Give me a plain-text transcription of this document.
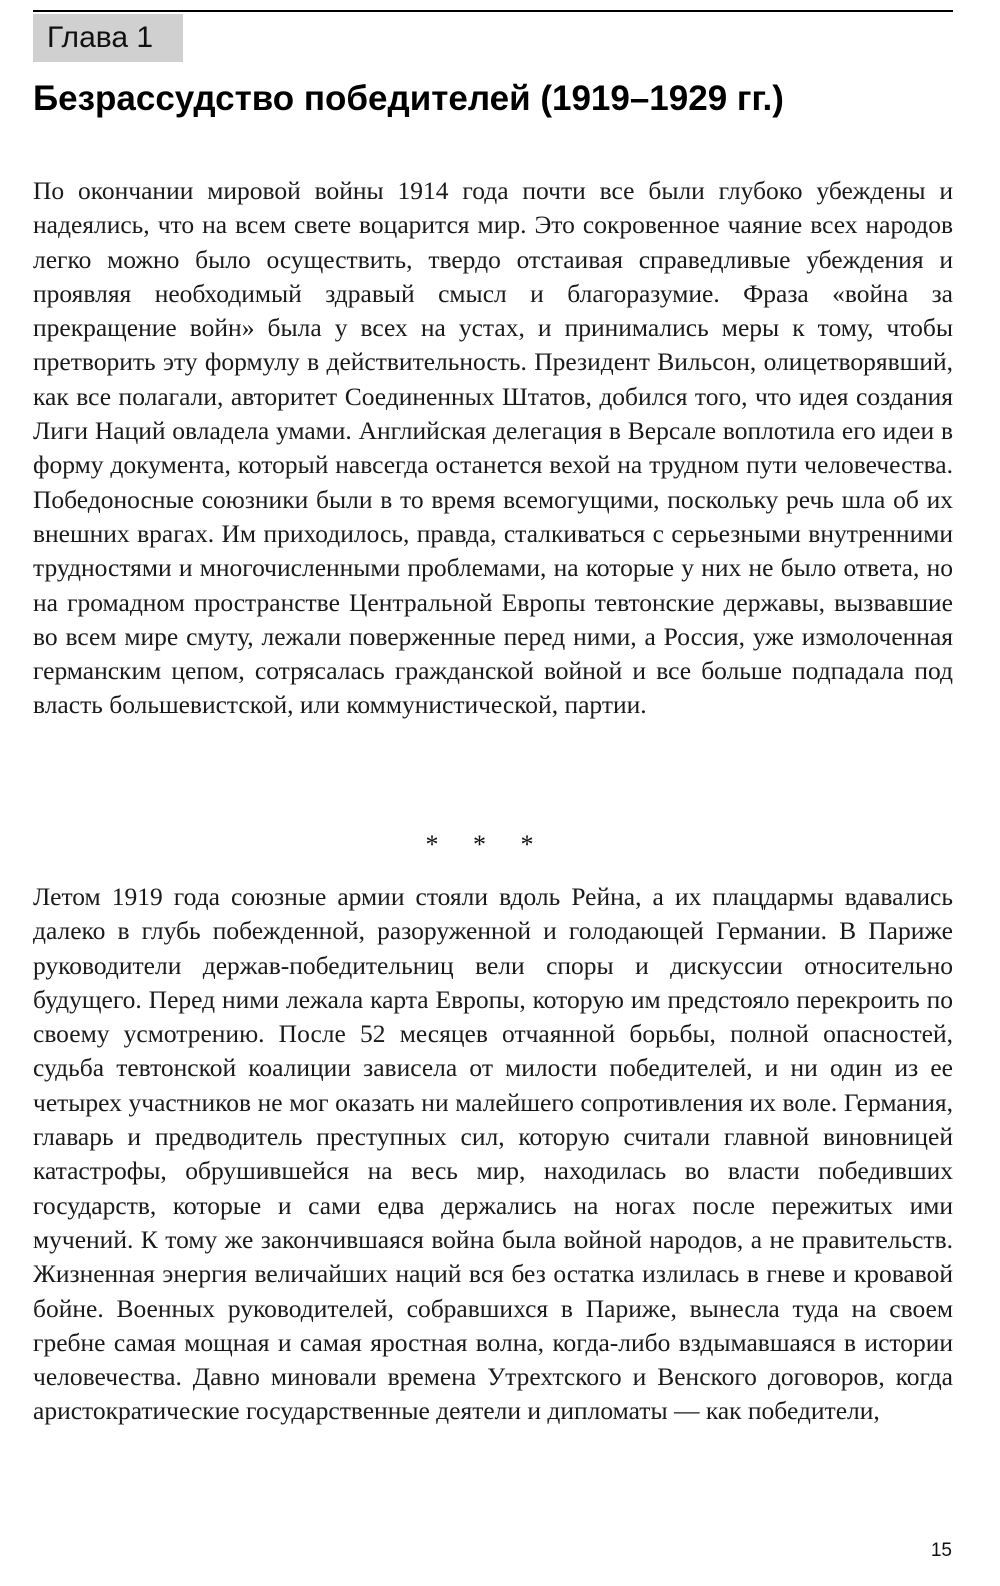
Глава 1
Безрассудство победителей (1919–1929 гг.)

По окончании мировой войны 1914 года почти все были глубоко убеждены и надеялись, что на всем свете воцарится мир. Это сокровенное чаяние всех народов легко можно было осуществить, твердо отстаивая справедливые убеждения и проявляя необходимый здравый смысл и благоразумие. Фраза «война за прекращение войн» была у всех на устах, и принимались меры к тому, чтобы претворить эту формулу в действительность. Президент Вильсон, олицетворявший, как все полагали, авторитет Соединенных Штатов, добился того, что идея создания Лиги Наций овладела умами. Английская делегация в Версале воплотила его идеи в форму документа, который навсегда останется вехой на трудном пути человечества. Победоносные союзники были в то время всемогущими, поскольку речь шла об их внешних врагах. Им приходилось, правда, сталкиваться с серьезными внутренними трудностями и многочисленными проблемами, на которые у них не было ответа, но на громадном пространстве Центральной Европы тевтонские державы, вызвавшие во всем мире смуту, лежали поверженные перед ними, а Россия, уже измолоченная германским цепом, сотрясалась гражданской войной и все больше подпадала под власть большевистской, или коммунистической, партии.

* * *

Летом 1919 года союзные армии стояли вдоль Рейна, а их плацдармы вдавались далеко в глубь побежденной, разоруженной и голодающей Германии. В Париже руководители держав-победительниц вели споры и дискуссии относительно будущего. Перед ними лежала карта Европы, которую им предстояло перекроить по своему усмотрению. После 52 месяцев отчаянной борьбы, полной опасностей, судьба тевтонской коалиции зависела от милости победителей, и ни один из ее четырех участников не мог оказать ни малейшего сопротивления их воле. Германия, главарь и предводитель преступных сил, которую считали главной виновницей катастрофы, обрушившейся на весь мир, находилась во власти победивших государств, которые и сами едва держались на ногах после пережитых ими мучений. К тому же закончившаяся война была войной народов, а не правительств. Жизненная энергия величайших наций вся без остатка излилась в гневе и кровавой бойне. Военных руководителей, собравшихся в Париже, вынесла туда на своем гребне самая мощная и самая яростная волна, когда-либо вздымавшаяся в истории человечества. Давно миновали времена Утрехтского и Венского договоров, когда аристократические государственные деятели и дипломаты — как победители,

15
